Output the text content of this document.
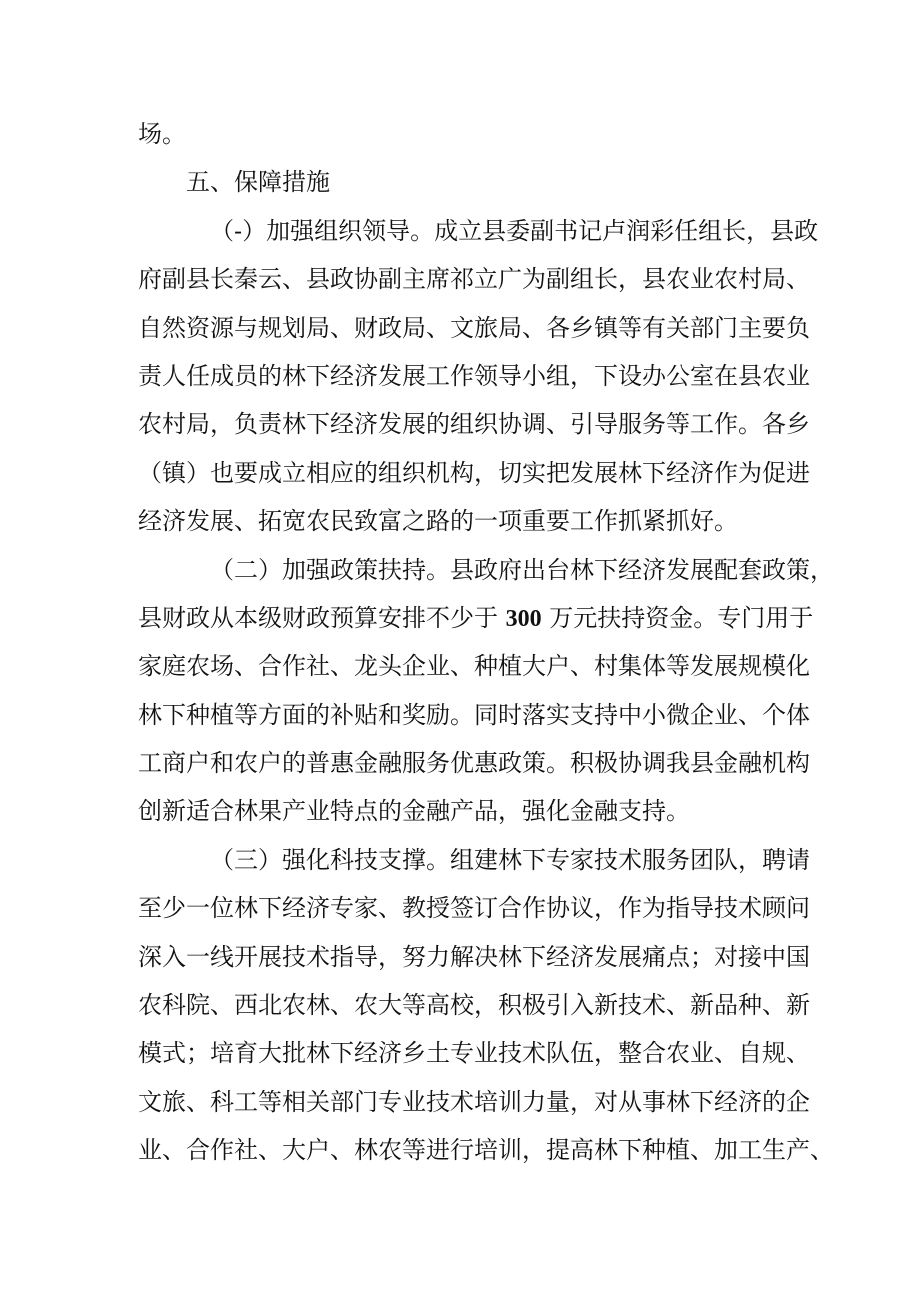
场。
五、保障措施
（-）加强组织领导。成立县委副书记卢润彩任组长，县政
府副县长秦云、县政协副主席祁立广为副组长，县农业农村局、
自然资源与规划局、财政局、文旅局、各乡镇等有关部门主要负
责人任成员的林下经济发展工作领导小组，下设办公室在县农业
农村局，负责林下经济发展的组织协调、引导服务等工作。各乡
（镇）也要成立相应的组织机构，切实把发展林下经济作为促进
经济发展、拓宽农民致富之路的一项重要工作抓紧抓好。
（二）加强政策扶持。县政府出台林下经济发展配套政策，
县财政从本级财政预算安排不少于 300 万元扶持资金。专门用于
家庭农场、合作社、龙头企业、种植大户、村集体等发展规模化
林下种植等方面的补贴和奖励。同时落实支持中小微企业、个体
工商户和农户的普惠金融服务优惠政策。积极协调我县金融机构
创新适合林果产业特点的金融产品，强化金融支持。
（三）强化科技支撑。组建林下专家技术服务团队，聘请
至少一位林下经济专家、教授签订合作协议，作为指导技术顾问
深入一线开展技术指导，努力解决林下经济发展痛点；对接中国
农科院、西北农林、农大等高校，积极引入新技术、新品种、新
模式；培育大批林下经济乡土专业技术队伍，整合农业、自规、
文旅、科工等相关部门专业技术培训力量，对从事林下经济的企
业、合作社、大户、林农等进行培训，提高林下种植、加工生产、
